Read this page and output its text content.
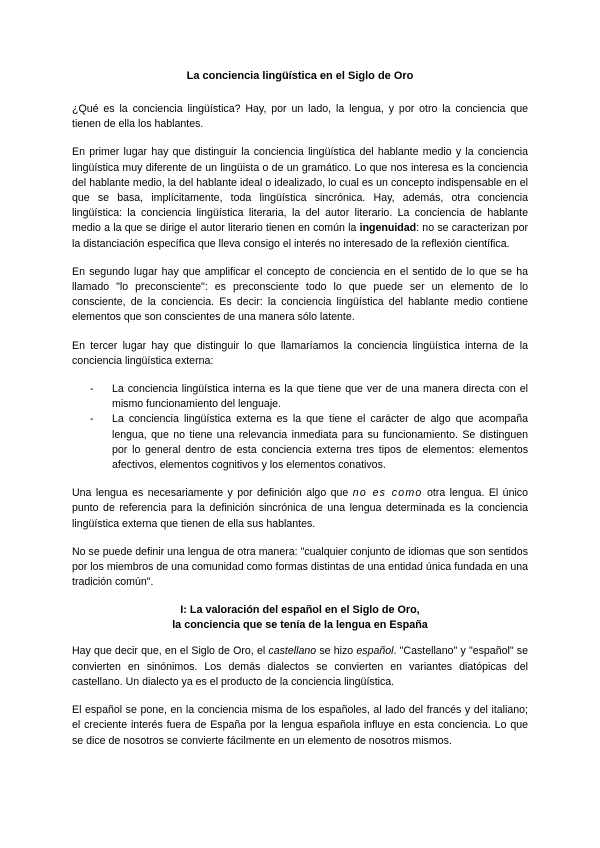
La conciencia lingüística en el Siglo de Oro

¿Qué es la conciencia lingüística? Hay, por un lado, la lengua, y por otro la conciencia que tienen de ella los hablantes.

En primer lugar hay que distinguir la conciencia lingüística del hablante medio y la conciencia lingüística muy diferente de un lingüista o de un gramático. Lo que nos interesa es la conciencia del hablante medio, la del hablante ideal o idealizado, lo cual es un concepto indispensable en el que se basa, implícitamente, toda lingüística sincrónica. Hay, además, otra conciencia lingüística: la conciencia lingüística literaria, la del autor literario. La conciencia de hablante medio a la que se dirige el autor literario tienen en común la ingenuidad: no se caracterizan por la distanciación específica que lleva consigo el interés no interesado de la reflexión científica.

En segundo lugar hay que amplificar el concepto de conciencia en el sentido de lo que se ha llamado "lo preconsciente": es preconsciente todo lo que puede ser un elemento de lo consciente, de la conciencia. Es decir: la conciencia lingüística del hablante medio contiene elementos que son conscientes de una manera sólo latente.

En tercer lugar hay que distinguir lo que llamaríamos la conciencia lingüística interna de la conciencia lingüística externa:

- La conciencia lingüística interna es la que tiene que ver de una manera directa con el mismo funcionamiento del lenguaje.
- La conciencia lingüística externa es la que tiene el carácter de algo que acompaña lengua, que no tiene una relevancia inmediata para su funcionamiento. Se distinguen por lo general dentro de esta conciencia externa tres tipos de elementos: elementos afectivos, elementos cognitivos y los elementos conativos.

Una lengua es necesariamente y por definición algo que no es como otra lengua. El único punto de referencia para la definición sincrónica de una lengua determinada es la conciencia lingüística externa que tienen de ella sus hablantes.

No se puede definir una lengua de otra manera: "cualquier conjunto de idiomas que son sentidos por los miembros de una comunidad como formas distintas de una entidad única fundada en una tradición común".

I: La valoración del español en el Siglo de Oro,
la conciencia que se tenía de la lengua en España

Hay que decir que, en el Siglo de Oro, el castellano se hizo español. "Castellano" y "español" se convierten en sinónimos. Los demás dialectos se convierten en variantes diatópicas del castellano. Un dialecto ya es el producto de la conciencia lingüística.

El español se pone, en la conciencia misma de los españoles, al lado del francés y del italiano; el creciente interés fuera de España por la lengua española influye en esta conciencia. Lo que se dice de nosotros se convierte fácilmente en un elemento de nosotros mismos.
